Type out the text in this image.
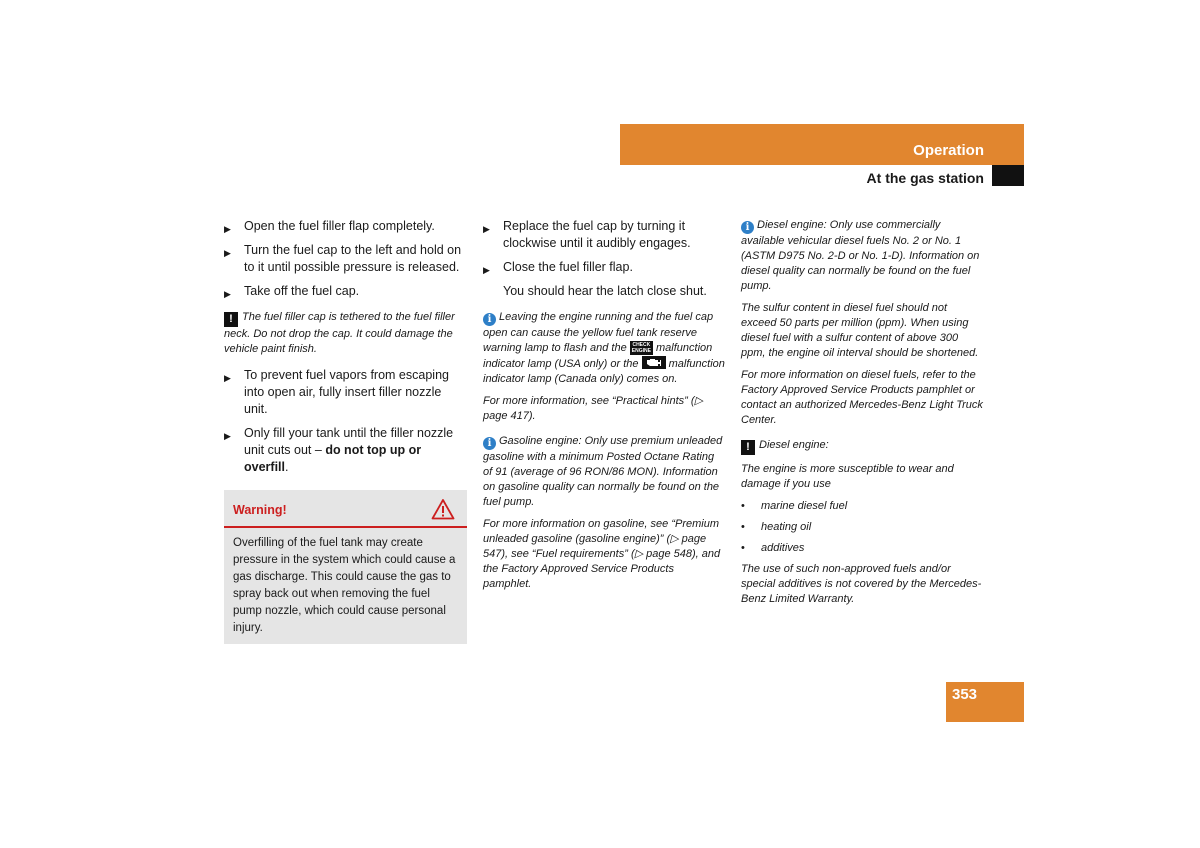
Operation
At the gas station
▶ Open the fuel filler flap completely.
▶ Turn the fuel cap to the left and hold on to it until possible pressure is released.
▶ Take off the fuel cap.
! The fuel filler cap is tethered to the fuel filler neck. Do not drop the cap. It could damage the vehicle paint finish.
▶ To prevent fuel vapors from escaping into open air, fully insert filler nozzle unit.
▶ Only fill your tank until the filler nozzle unit cuts out – do not top up or overfill.
Warning!
Overfilling of the fuel tank may create pressure in the system which could cause a gas discharge. This could cause the gas to spray back out when removing the fuel pump nozzle, which could cause personal injury.
▶ Replace the fuel cap by turning it clockwise until it audibly engages.
▶ Close the fuel filler flap.
You should hear the latch close shut.
i Leaving the engine running and the fuel cap open can cause the yellow fuel tank reserve warning lamp to flash and the CHECK
ENGINE malfunction indicator lamp (USA only) or the	malfunction indicator lamp (Canada only) comes on.
For more information, see “Practical hints” (▷ page 417).
i Gasoline engine: Only use premium unleaded gasoline with a minimum Posted Octane Rating of 91 (average of 96 RON/86 MON). Information on gasoline quality can normally be found on the fuel pump.
For more information on gasoline, see “Premium unleaded gasoline (gasoline engine)” (▷ page 547), see “Fuel requirements” (▷ page 548), and the Factory Approved Service Products pamphlet.
i Diesel engine: Only use commercially available vehicular diesel fuels No. 2 or No. 1 (ASTM D975 No. 2-D or No. 1-D). Information on diesel quality can normally be found on the fuel pump.
The sulfur content in diesel fuel should not exceed 50 parts per million (ppm). When using diesel fuel with a sulfur content of above 300 ppm, the engine oil interval should be shortened.
For more information on diesel fuels, refer to the Factory Approved Service Products pamphlet or contact an authorized Mercedes-Benz Light Truck Center.
! Diesel engine:
The engine is more susceptible to wear and damage if you use
• marine diesel fuel
• heating oil
• additives
The use of such non-approved fuels and/or special additives is not covered by the Mercedes-Benz Limited Warranty.
353
